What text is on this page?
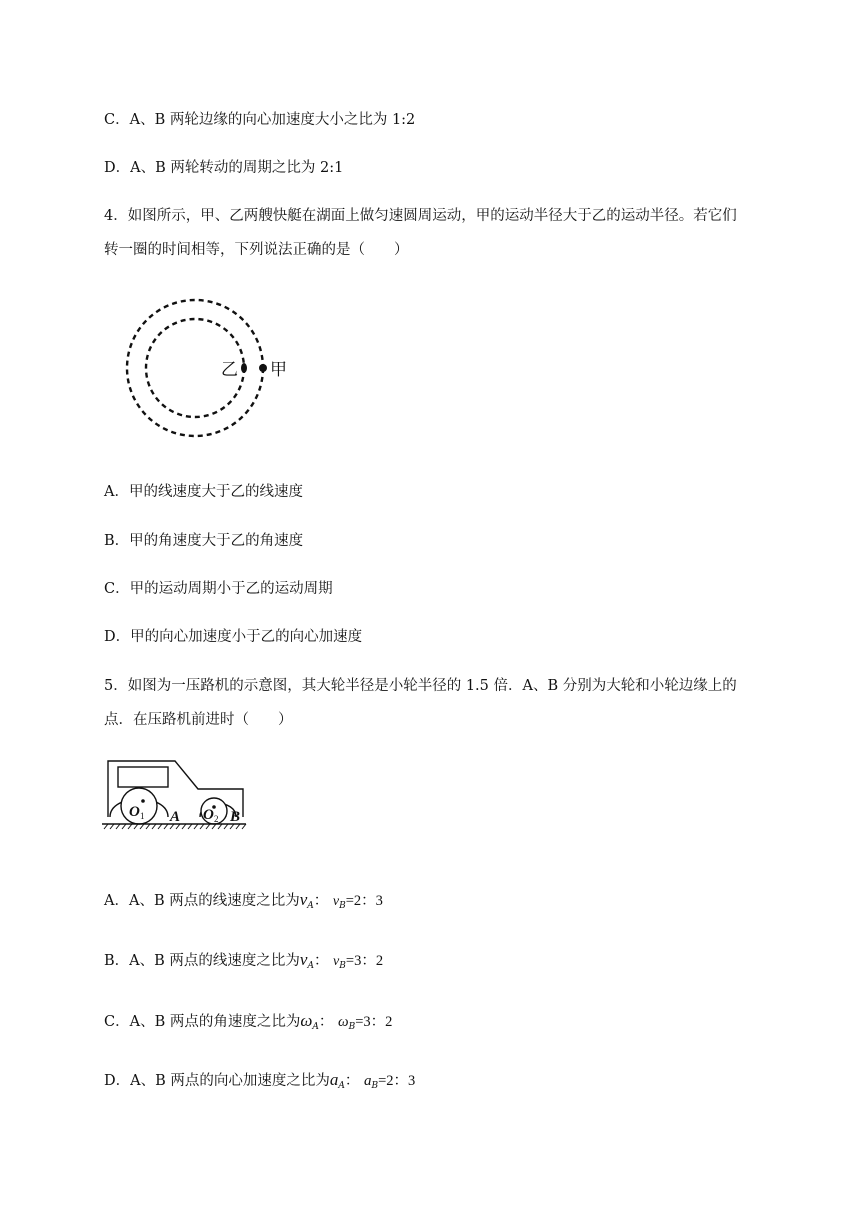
C．A、B 两轮边缘的向心加速度大小之比为 1:2
D．A、B 两轮转动的周期之比为 2:1
4．如图所示，甲、乙两艘快艇在湖面上做匀速圆周运动，甲的运动半径大于乙的运动半径。若它们
转一圈的时间相等，下列说法正确的是（　　）
乙 甲
A．甲的线速度大于乙的线速度
B．甲的角速度大于乙的角速度
C．甲的运动周期小于乙的运动周期
D．甲的向心加速度小于乙的向心加速度
5．如图为一压路机的示意图，其大轮半径是小轮半径的 1.5 倍．A、B 分别为大轮和小轮边缘上的
点．在压路机前进时（　　）
O 1	O 2
A	B
A．A、B 两点的线速度之比为$v_A$： $v_B=2$：3
B．A、B 两点的线速度之比为$v_A$： $v_B=3$：2
C．A、B 两点的角速度之比为$\omega_A$： $\omega_B=3$：2
D．A、B 两点的向心加速度之比为$a_A$： $a_B=2$：3
